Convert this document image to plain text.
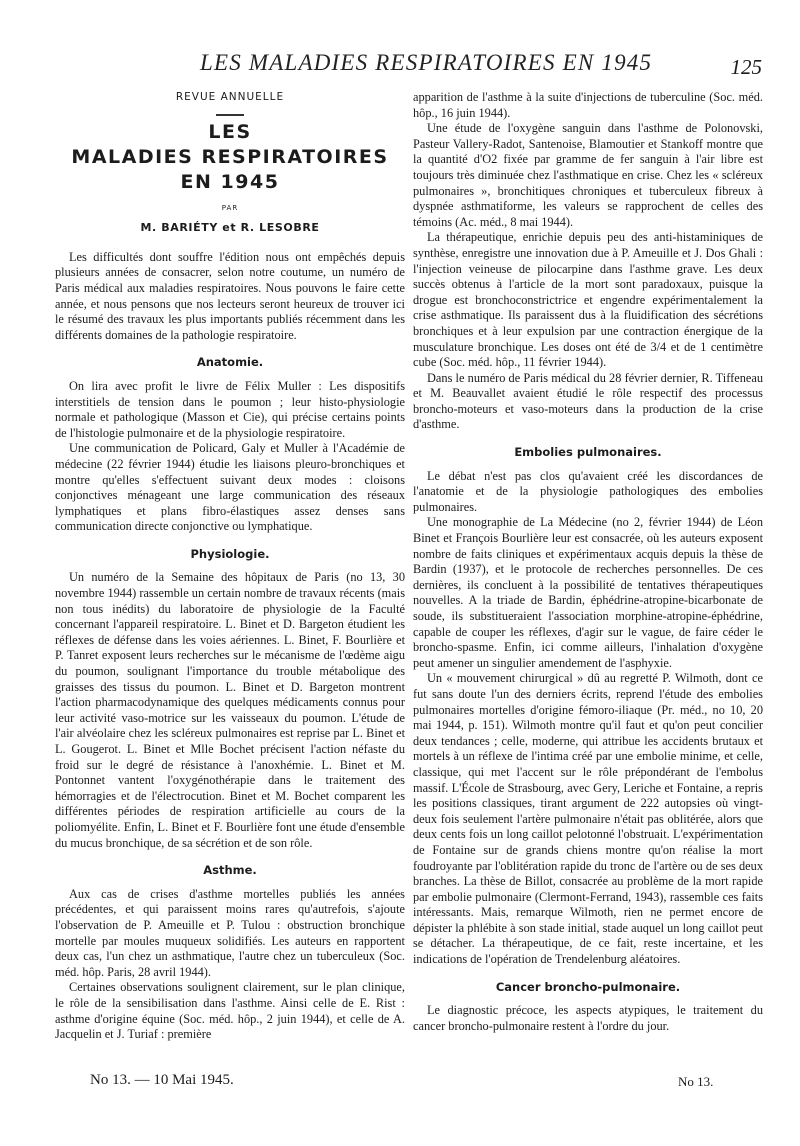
LES MALADIES RESPIRATOIRES EN 1945	125
REVUE ANNUELLE
LES
MALADIES RESPIRATOIRES
EN 1945
PAR
M. BARIÉTY et R. LESOBRE

Les difficultés dont souffre l'édition nous ont empêchés depuis plusieurs années de consacrer, selon notre coutume, un numéro de Paris médical aux maladies respiratoires. Nous pouvons le faire cette année, et nous pensons que nos lecteurs seront heureux de trouver ici le résumé des travaux les plus importants publiés récemment dans les différents domaines de la pathologie respiratoire.

Anatomie.

On lira avec profit le livre de Félix Muller : Les dispositifs interstitiels de tension dans le poumon ; leur histo-physiologie normale et pathologique (Masson et Cie), qui précise certains points de l'histologie pulmonaire et de la physiologie respiratoire.

Une communication de Policard, Galy et Muller à l'Académie de médecine (22 février 1944) étudie les liaisons pleuro-bronchiques et montre qu'elles s'effectuent suivant deux modes : cloisons conjonctives ménageant une large communication des réseaux lymphatiques et plans fibro-élastiques assez denses sans communication directe conjonctive ou lymphatique.

Physiologie.

Un numéro de la Semaine des hôpitaux de Paris (no 13, 30 novembre 1944) rassemble un certain nombre de travaux récents (mais non tous inédits) du laboratoire de physiologie de la Faculté concernant l'appareil respiratoire. L. Binet et D. Bargeton étudient les réflexes de défense dans les voies aériennes. L. Binet, F. Bourlière et P. Tanret exposent leurs recherches sur le mécanisme de l'œdème aigu du poumon, soulignant l'importance du trouble métabolique des graisses des tissus du poumon. L. Binet et D. Bargeton montrent l'action pharmacodynamique des quelques médicaments connus pour leur activité vaso-motrice sur les vaisseaux du poumon. L'étude de l'air alvéolaire chez les scléreux pulmonaires est reprise par L. Binet et L. Gougerot. L. Binet et Mlle Bochet précisent l'action néfaste du froid sur le degré de résistance à l'anoxhémie. L. Binet et M. Pontonnet vantent l'oxygénothérapie dans le traitement des hémorragies et de l'électrocution. Binet et M. Bochet comparent les différentes périodes de respiration artificielle au cours de la poliomyélite. Enfin, L. Binet et F. Bourlière font une étude d'ensemble du mucus bronchique, de sa sécrétion et de son rôle.

Asthme.

Aux cas de crises d'asthme mortelles publiés les années précédentes, et qui paraissent moins rares qu'autrefois, s'ajoute l'observation de P. Ameuille et P. Tulou : obstruction bronchique mortelle par moules muqueux solidifiés. Les auteurs en rapportent deux cas, l'un chez un asthmatique, l'autre chez un tuberculeux (Soc. méd. hôp. Paris, 28 avril 1944).

Certaines observations soulignent clairement, sur le plan clinique, le rôle de la sensibilisation dans l'asthme. Ainsi celle de E. Rist : asthme d'origine équine (Soc. méd. hôp., 2 juin 1944), et celle de A. Jacquelin et J. Turiaf : première

apparition de l'asthme à la suite d'injections de tuberculine (Soc. méd. hôp., 16 juin 1944).

Une étude de l'oxygène sanguin dans l'asthme de Polonovski, Pasteur Vallery-Radot, Santenoise, Blamoutier et Stankoff montre que la quantité d'O2 fixée par gramme de fer sanguin à l'air libre est toujours très diminuée chez l'asthmatique en crise. Chez les « scléreux pulmonaires », bronchitiques chroniques et tuberculeux fibreux à dyspnée asthmatiforme, les valeurs se rapprochent de celles des témoins (Ac. méd., 8 mai 1944).

La thérapeutique, enrichie depuis peu des anti-histaminiques de synthèse, enregistre une innovation due à P. Ameuille et J. Dos Ghali : l'injection veineuse de pilocarpine dans l'asthme grave. Les deux succès obtenus à l'article de la mort sont paradoxaux, puisque la drogue est bronchoconstrictrice et engendre expérimentalement la crise asthmatique. Ils paraissent dus à la fluidification des sécrétions bronchiques et à leur expulsion par une contraction énergique de la musculature bronchique. Les doses ont été de 3/4 et de 1 centimètre cube (Soc. méd. hôp., 11 février 1944).

Dans le numéro de Paris médical du 28 février dernier, R. Tiffeneau et M. Beauvallet avaient étudié le rôle respectif des processus broncho-moteurs et vaso-moteurs dans la production de la crise d'asthme.

Embolies pulmonaires.

Le débat n'est pas clos qu'avaient créé les discordances de l'anatomie et de la physiologie pathologiques des embolies pulmonaires.

Une monographie de La Médecine (no 2, février 1944) de Léon Binet et François Bourlière leur est consacrée, où les auteurs exposent nombre de faits cliniques et expérimentaux acquis depuis la thèse de Bardin (1937), et le protocole de recherches personnelles. De ces dernières, ils concluent à la possibilité de tentatives thérapeutiques nouvelles. A la triade de Bardin, éphédrine-atropine-bicarbonate de soude, ils substitueraient l'association morphine-atropine-éphédrine, capable de couper les réflexes, d'agir sur le vague, de faire céder le broncho-spasme. Enfin, ici comme ailleurs, l'inhalation d'oxygène peut amener un singulier amendement de l'asphyxie.

Un « mouvement chirurgical » dû au regretté P. Wilmoth, dont ce fut sans doute l'un des derniers écrits, reprend l'étude des embolies pulmonaires mortelles d'origine fémoro-iliaque (Pr. méd., no 10, 20 mai 1944, p. 151). Wilmoth montre qu'il faut et qu'on peut concilier deux tendances ; celle, moderne, qui attribue les accidents brutaux et mortels à un réflexe de l'intima créé par une embolie minime, et celle, classique, qui met l'accent sur le rôle prépondérant de l'embolus massif. L'École de Strasbourg, avec Gery, Leriche et Fontaine, a repris les positions classiques, tirant argument de 222 autopsies où vingt-deux fois seulement l'artère pulmonaire n'était pas oblitérée, alors que deux cents fois un long caillot pelotonné l'obstruait. L'expérimentation de Fontaine sur de grands chiens montre qu'on réalise la mort foudroyante par l'oblitération rapide du tronc de l'artère ou de ses deux branches. La thèse de Billot, consacrée au problème de la mort rapide par embolie pulmonaire (Clermont-Ferrand, 1943), rassemble ces faits intéressants. Mais, remarque Wilmoth, rien ne permet encore de dépister la phlébite à son stade initial, stade auquel un long caillot peut se détacher. La thérapeutique, de ce fait, reste incertaine, et les indications de l'opération de Trendelenburg aléatoires.

Cancer broncho-pulmonaire.

Le diagnostic précoce, les aspects atypiques, le traitement du cancer broncho-pulmonaire restent à l'ordre du jour.

No 13. — 10 Mai 1945.	No 13.
